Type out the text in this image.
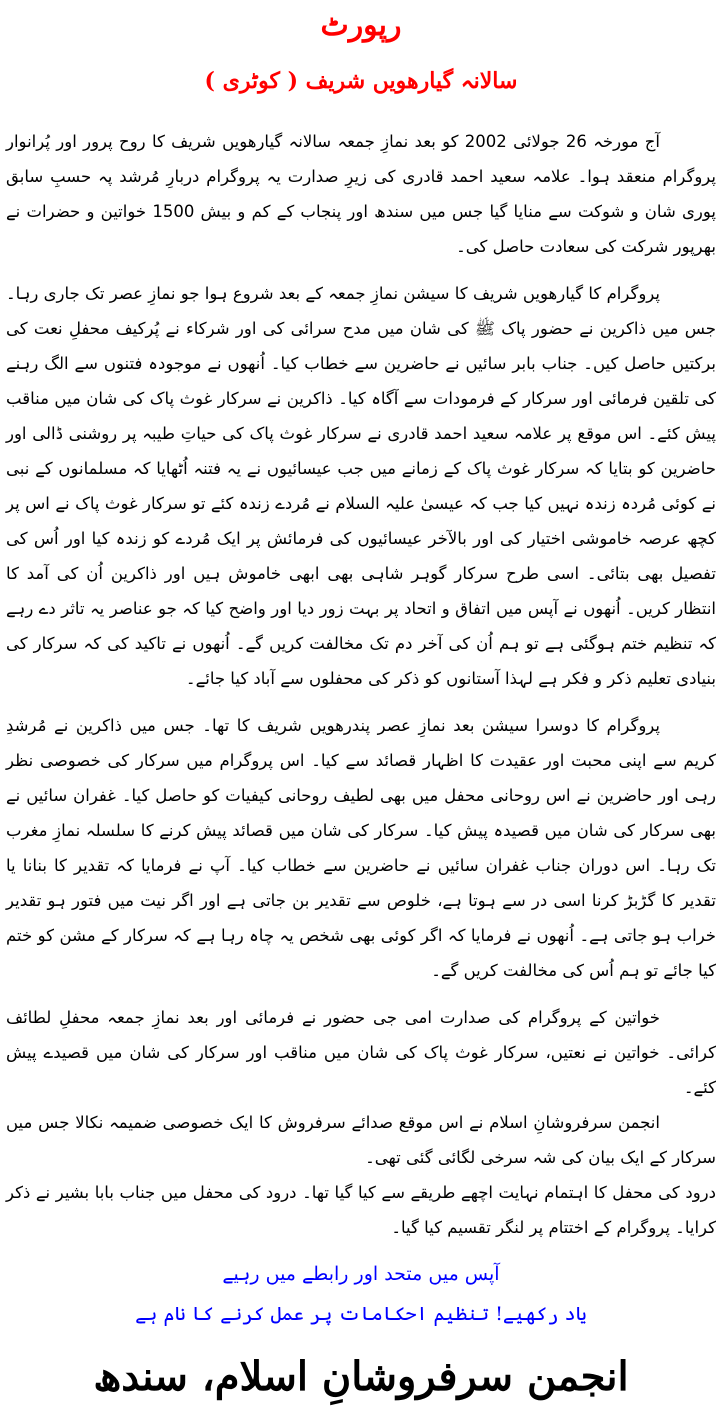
رپورٹ
سالانہ گیارھویں شریف ( کوٹری )

آج مورخہ 26 جولائی 2002 کو بعد نمازِ جمعہ سالانہ گیارھویں شریف کا روح پرور اور پُرانوار پروگرام منعقد ہوا۔ علامہ سعید احمد قادری کی زیرِ صدارت یہ پروگرام دربارِ مُرشد پہ حسبِ سابق پوری شان و شوکت سے منایا گیا جس میں سندھ اور پنجاب کے کم و بیش 1500 خواتین و حضرات نے بھرپور شرکت کی سعادت حاصل کی۔

پروگرام کا گیارھویں شریف کا سیشن نمازِ جمعہ کے بعد شروع ہوا جو نمازِ عصر تک جاری رہا۔ جس میں ذاکرین نے حضور پاک ﷺ کی شان میں مدح سرائی کی اور شرکاء نے پُرکیف محفلِ نعت کی برکتیں حاصل کیں۔ جناب بابر سائیں نے حاضرین سے خطاب کیا۔ اُنھوں نے موجودہ فتنوں سے الگ رہنے کی تلقین فرمائی اور سرکار کے فرمودات سے آگاہ کیا۔ ذاکرین نے سرکار غوث پاک کی شان میں مناقب پیش کئے۔ اس موقع پر علامہ سعید احمد قادری نے سرکار غوث پاک کی حیاتِ طیبہ پر روشنی ڈالی اور حاضرین کو بتایا کہ سرکار غوث پاک کے زمانے میں جب عیسائیوں نے یہ فتنہ اُٹھایا کہ مسلمانوں کے نبی نے کوئی مُردہ زندہ نہیں کیا جب کہ عیسیٰ علیہ السلام نے مُردے زندہ کئے تو سرکار غوث پاک نے اس پر کچھ عرصہ خاموشی اختیار کی اور بالآخر عیسائیوں کی فرمائش پر ایک مُردے کو زندہ کیا اور اُس کی تفصیل بھی بتائی۔ اسی طرح سرکار گوہر شاہی بھی ابھی خاموش ہیں اور ذاکرین اُن کی آمد کا انتظار کریں۔ اُنھوں نے آپس میں اتفاق و اتحاد پر بہت زور دیا اور واضح کیا کہ جو عناصر یہ تاثر دے رہے کہ تنظیم ختم ہوگئی ہے تو ہم اُن کی آخر دم تک مخالفت کریں گے۔ اُنھوں نے تاکید کی کہ سرکار کی بنیادی تعلیم ذکر و فکر ہے لہذا آستانوں کو ذکر کی محفلوں سے آباد کیا جائے۔

پروگرام کا دوسرا سیشن بعد نمازِ عصر پندرھویں شریف کا تھا۔ جس میں ذاکرین نے مُرشدِ کریم سے اپنی محبت اور عقیدت کا اظہار قصائد سے کیا۔ اس پروگرام میں سرکار کی خصوصی نظر رہی اور حاضرین نے اس روحانی محفل میں بھی لطیف روحانی کیفیات کو حاصل کیا۔ غفران سائیں نے بھی سرکار کی شان میں قصیدہ پیش کیا۔ سرکار کی شان میں قصائد پیش کرنے کا سلسلہ نمازِ مغرب تک رہا۔ اس دوران جناب غفران سائیں نے حاضرین سے خطاب کیا۔ آپ نے فرمایا کہ تقدیر کا بنانا یا تقدیر کا گڑبڑ کرنا اسی در سے ہوتا ہے، خلوص سے تقدیر بن جاتی ہے اور اگر نیت میں فتور ہو تقدیر خراب ہو جاتی ہے۔ اُنھوں نے فرمایا کہ اگر کوئی بھی شخص یہ چاہ رہا ہے کہ سرکار کے مشن کو ختم کیا جائے تو ہم اُس کی مخالفت کریں گے۔

خواتین کے پروگرام کی صدارت امی جی حضور نے فرمائی اور بعد نمازِ جمعہ محفلِ لطائف کرائی۔ خواتین نے نعتیں، سرکار غوث پاک کی شان میں مناقب اور سرکار کی شان میں قصیدے پیش کئے۔

انجمن سرفروشانِ اسلام نے اس موقع صدائے سرفروش کا ایک خصوصی ضمیمہ نکالا جس میں سرکار کے ایک بیان کی شہ سرخی لگائی گئی تھی۔

درود کی محفل کا اہتمام نہایت اچھے طریقے سے کیا گیا تھا۔ درود کی محفل میں جناب بابا بشیر نے ذکر کرایا۔ پروگرام کے اختتام پر لنگر تقسیم کیا گیا۔

آپس میں متحد اور رابطے میں رہیے

یاد رکھیے! تنظیم احکامات پر عمل کرنے کا نام ہے

انجمن سرفروشانِ اسلام، سندھ
